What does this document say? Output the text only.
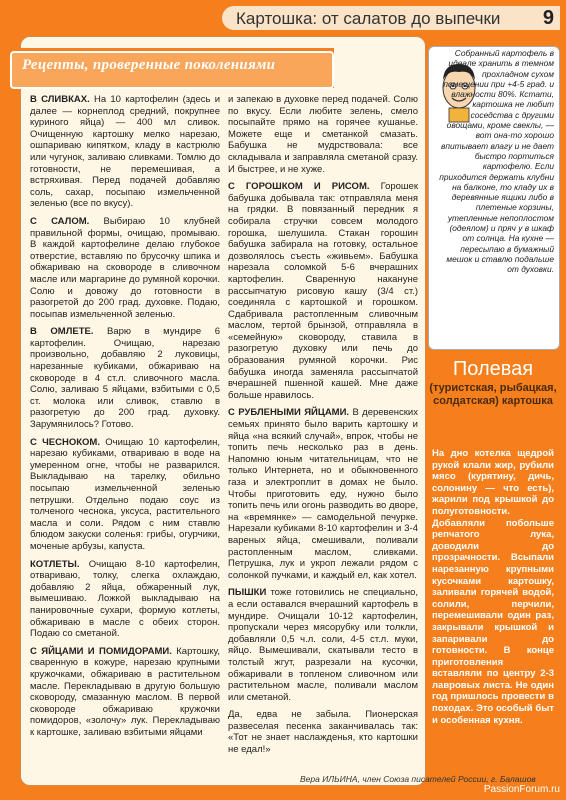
Картошка: от салатов до выпечки 9
Рецепты, проверенные поколениями

В СЛИВКАХ. На 10 картофелин (здесь и далее — корнеплод средний, покрупнее куриного яйца) — 400 мл сливок. Очищенную картошку мелко нарезаю, ошпариваю кипятком, кладу в кастрюлю или чугунок, заливаю сливками. Томлю до готовности, не перемешивая, а встряхивая. Перед подачей добавляю соль, сахар, посыпаю измельченной зеленью (все по вкусу).

С САЛОМ. Выбираю 10 клубней правильной формы, очищаю, промываю. В каждой картофелине делаю глубокое отверстие, вставляю по брусочку шпика и обжариваю на сковороде в сливочном масле или маргарине до румяной корочки. Солю и довожу до готовности в разогретой до 200 град. духовке. Подаю, посыпав измельченной зеленью.

В ОМЛЕТЕ. Варю в мундире 6 картофелин. Очищаю, нарезаю произвольно, добавляю 2 луковицы, нарезанные кубиками, обжариваю на сковороде в 4 ст.л. сливочного масла. Солю, заливаю 5 яйцами, взбитыми с 0,5 ст. молока или сливок, ставлю в разогретую до 200 град. духовку. Зарумянилось? Готово.

С ЧЕСНОКОМ. Очищаю 10 картофелин, нарезаю кубиками, отвариваю в воде на умеренном огне, чтобы не разварился. Выкладываю на тарелку, обильно посыпаю измельченной зеленью петрушки. Отдельно подаю соус из толченого чеснока, уксуса, растительного масла и соли. Рядом с ним ставлю блюдом закуски соленья: грибы, огурчики, моченые арбузы, капуста.

КОТЛЕТЫ. Очищаю 8-10 картофелин, отвариваю, толку, слегка охлаждаю, добавляю 2 яйца, обжаренный лук, вымешиваю. Ложкой выкладываю на панировочные сухари, формую котлеты, обжариваю в масле с обеих сторон. Подаю со сметаной.

С ЯЙЦАМИ И ПОМИДОРАМИ. Картошку, сваренную в кожуре, нарезаю крупными кружочками, обжариваю в растительном масле. Перекладываю в другую большую сковороду, смазанную маслом. В первой сковороде обжариваю кружочки помидоров, «золочу» лук. Перекладываю к картошке, заливаю взбитыми яйцами

и запекаю в духовке перед подачей. Солю по вкусу. Если любите зелень, смело посыпайте прямо на горячее кушанье. Можете еще и сметанкой смазать. Бабушка не мудрствовала: все складывала и заправляла сметаной сразу. И быстрее, и не хуже.

С ГОРОШКОМ И РИСОМ. Горошек бабушка добывала так: отправляла меня на грядки. В повязанный передник я собирала стручки совсем молодого горошка, шелушила. Стакан горошин бабушка забирала на готовку, остальное дозволялось съесть «живьем». Бабушка нарезала соломкой 5-6 вчерашних картофелин. Сваренную накануне рассыпчатую рисовую кашу (3/4 ст.) соединяла с картошкой и горошком. Сдабривала растопленным сливочным маслом, тертой брынзой, отправляла в «семейную» сковороду, ставила в разогретую духовку или печь до образования румяной корочки. Рис бабушка иногда заменяла рассыпчатой вчерашней пшенной кашей. Мне даже больше нравилось.

С РУБЛЕНЫМИ ЯЙЦАМИ. В деревенских семьях принято было варить картошку и яйца «на всякий случай», впрок, чтобы не топить печь несколько раз в день. Напомню юным читательницам, что не только Интернета, но и обыкновенного газа и электроплит в домах не было. Чтобы приготовить еду, нужно было топить печь или огонь разводить во дворе, на «времянке» — самодельной печурке. Нарезали кубиками 8-10 картофелин и 3-4 вареных яйца, смешивали, поливали растопленным маслом, сливками. Петрушка, лук и укроп лежали рядом с солонкой пучками, и каждый ел, как хотел.

ПЫШКИ тоже готовились не специально, а если оставался вчерашний картофель в мундире. Очищали 10-12 картофелин, пропускали через мясорубку или толкли, добавляли 0,5 ч.л. соли, 4-5 ст.л. муки, яйцо. Вымешивали, скатывали тесто в толстый жгут, разрезали на кусочки, обжаривали в топленом сливочном или растительном масле, поливали маслом или сметаной.

Да, едва не забыла. Пионерская развеселая песенка заканчивалась так: «Тот не знает наслажденья, кто картошки не едал!»

Собранный картофель в идеале хранить в темном прохладном сухом помещении при +4-5 град. и влажности 80%. Кстати, картошка не любит соседства с другими овощами, кроме свеклы, — вот она-то хорошо впитывает влагу и не дает быстро портиться картофелю. Если приходится держать клубни на балконе, то кладу их в деревянные ящики либо в плетеные корзины, утепленные непоплостом (одеялом) и пряч у в шкаф от солнца. На кухне — пересыпаю в бумажный мешок и ставлю подальше от духовки.
Полевая
(туристская, рыбацкая, солдатская) картошка
На дно котелка щедрой рукой клали жир, рубили мясо (курятину, дичь, солонину — что есть), жарили под крышкой до полуготовности. Добавляли побольше репчатого лука, доводили до прозрачности. Всыпали нарезанную крупными кусочками картошку, заливали горячей водой, солили, перчили, перемешивали один раз, закрывали крышкой и запаривали до готовности. В конце приготовления вставляли по центру 2-3 лавровых листа. Не один год пришлось провести в походах. Это особый быт и особенная кухня.
Вера ИЛЬИНА, член Союза писателей России, г. Балашов
PassionForum.ru
